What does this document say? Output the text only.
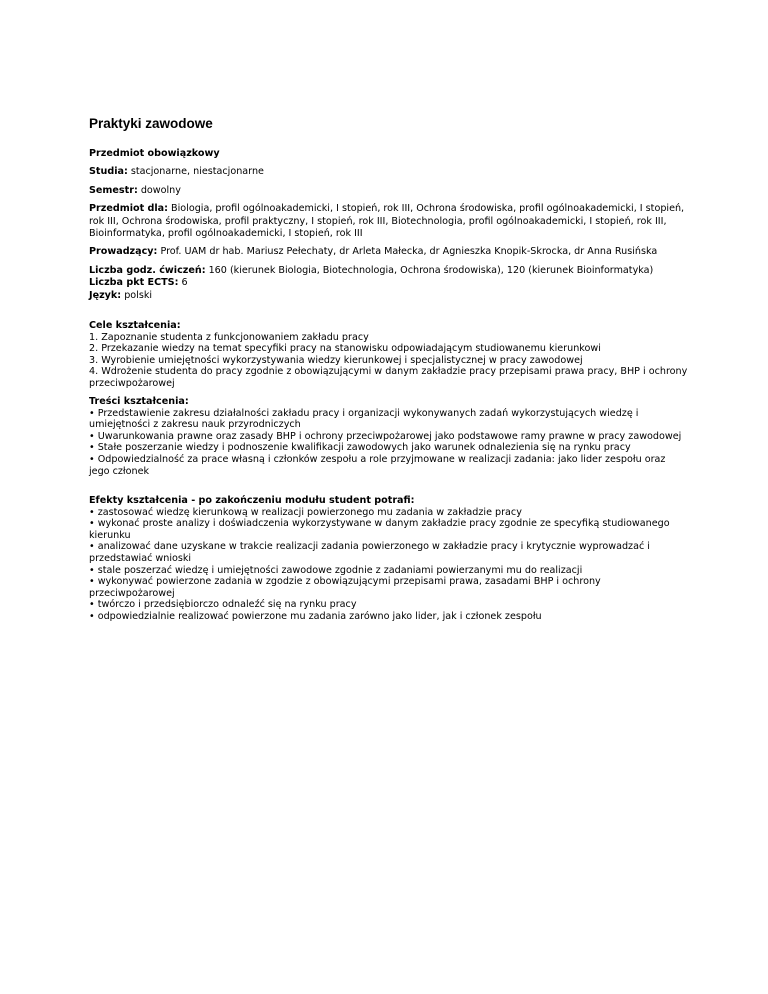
Praktyki zawodowe

Przedmiot obowiązkowy

Studia: stacjonarne, niestacjonarne

Semestr: dowolny

Przedmiot dla: Biologia, profil ogólnoakademicki, I stopień, rok III, Ochrona środowiska, profil ogólnoakademicki, I stopień, rok III, Ochrona środowiska, profil praktyczny, I stopień, rok III, Biotechnologia, profil ogólnoakademicki, I stopień, rok III, Bioinformatyka, profil ogólnoakademicki, I stopień, rok III

Prowadzący: Prof. UAM dr hab. Mariusz Pełechaty, dr Arleta Małecka, dr Agnieszka Knopik-Skrocka, dr Anna Rusińska

Liczba godz. ćwiczeń: 160 (kierunek Biologia, Biotechnologia, Ochrona środowiska), 120 (kierunek Bioinformatyka)

Liczba pkt ECTS: 6

Język: polski

Cele kształcenia:

1. Zapoznanie studenta z funkcjonowaniem zakładu pracy

2. Przekazanie wiedzy na temat specyfiki pracy na stanowisku odpowiadającym studiowanemu kierunkowi

3. Wyrobienie umiejętności wykorzystywania wiedzy kierunkowej i specjalistycznej w pracy zawodowej

4. Wdrożenie studenta do pracy zgodnie z obowiązującymi w danym zakładzie pracy przepisami prawa pracy, BHP i ochrony przeciwpożarowej

Treści kształcenia:

• Przedstawienie zakresu działalności zakładu pracy i organizacji wykonywanych zadań wykorzystujących wiedzę i umiejętności z zakresu nauk przyrodniczych

• Uwarunkowania prawne oraz zasady BHP i ochrony przeciwpożarowej jako podstawowe ramy prawne w pracy zawodowej

• Stałe poszerzanie wiedzy i podnoszenie kwalifikacji zawodowych jako warunek odnalezienia się na rynku pracy

• Odpowiedzialność za prace własną i członków zespołu a role przyjmowane w realizacji zadania: jako lider zespołu oraz jego członek

Efekty kształcenia - po zakończeniu modułu student potrafi:

• zastosować wiedzę kierunkową w realizacji powierzonego mu zadania w zakładzie pracy

• wykonać proste analizy i doświadczenia wykorzystywane w danym zakładzie pracy zgodnie ze specyfiką studiowanego kierunku

• analizować dane uzyskane w trakcie realizacji zadania powierzonego w zakładzie pracy i krytycznie wyprowadzać i przedstawiać wnioski

• stale poszerzać wiedzę i umiejętności zawodowe zgodnie z zadaniami powierzanymi mu do realizacji

• wykonywać powierzone zadania w zgodzie z obowiązującymi przepisami prawa, zasadami BHP i ochrony przeciwpożarowej

• twórczo i przedsiębiorczo odnaleźć się na rynku pracy

• odpowiedzialnie realizować powierzone mu zadania zarówno jako lider, jak i członek zespołu
